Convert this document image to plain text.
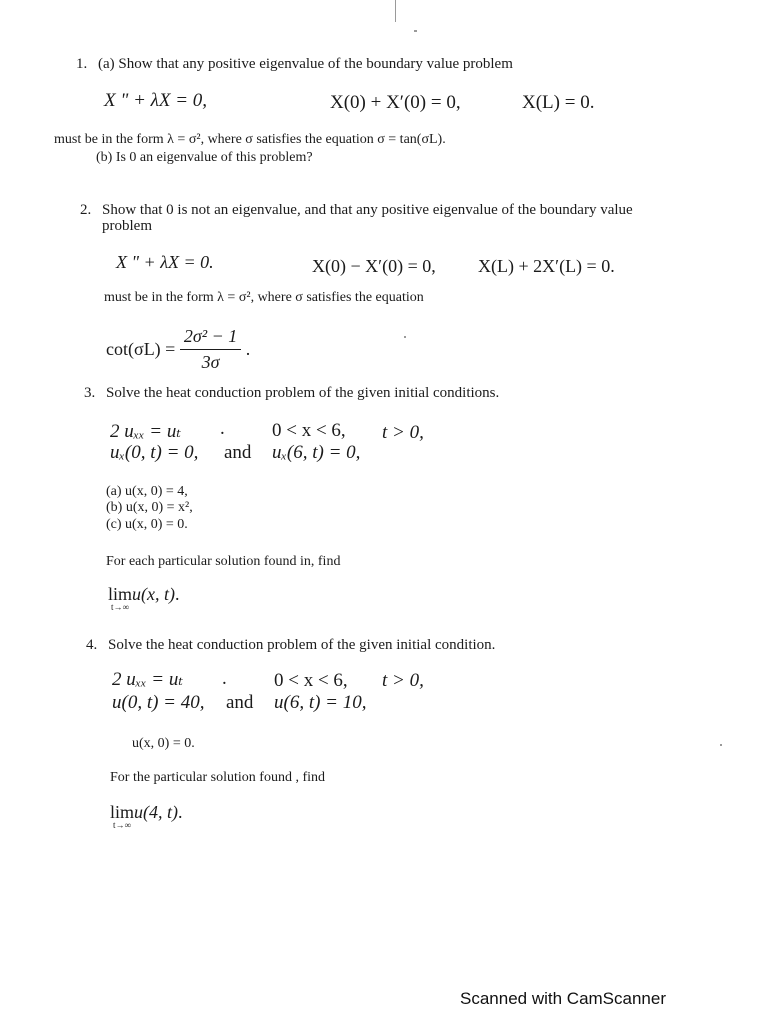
1. (a) Show that any positive eigenvalue of the boundary value problem
X " + λX = 0,	X(0) + X′(0) = 0,	X(L) = 0.
must be in the form λ = σ², where σ satisfies the equation σ = tan(σL).
(b) Is 0 an eigenvalue of this problem?
2. Show that 0 is not an eigenvalue, and that any positive eigenvalue of the boundary value
problem
X " + λX = 0.	X(0) − X′(0) = 0, X(L) + 2X′(L) = 0.
must be in the form λ = σ², where σ satisfies the equation
$\cot(\sigma L) = \frac{\text{2σ² − 1}}{3\sigma}$ .
3. Solve the heat conduction problem of the given initial conditions.
2 uₓₓ = uₜ . 0 < x < 6, t > 0,
uₓ(0, t) = 0, and uₓ(6, t) = 0,
(a) u(x, 0) = 4,
(b) u(x, 0) = x²,
(c) u(x, 0) = 0.
For each particular solution found in, find
lim
t→∞
u(x, t).
4. Solve the heat conduction problem of the given initial condition.
2 uₓₓ = uₜ . 0 < x < 6, t > 0,
u(0, t) = 40, and u(6, t) = 10,
u(x, 0) = 0.
For the particular solution found , find
lim
t→∞
u(4, t).
Scanned with CamScanner
